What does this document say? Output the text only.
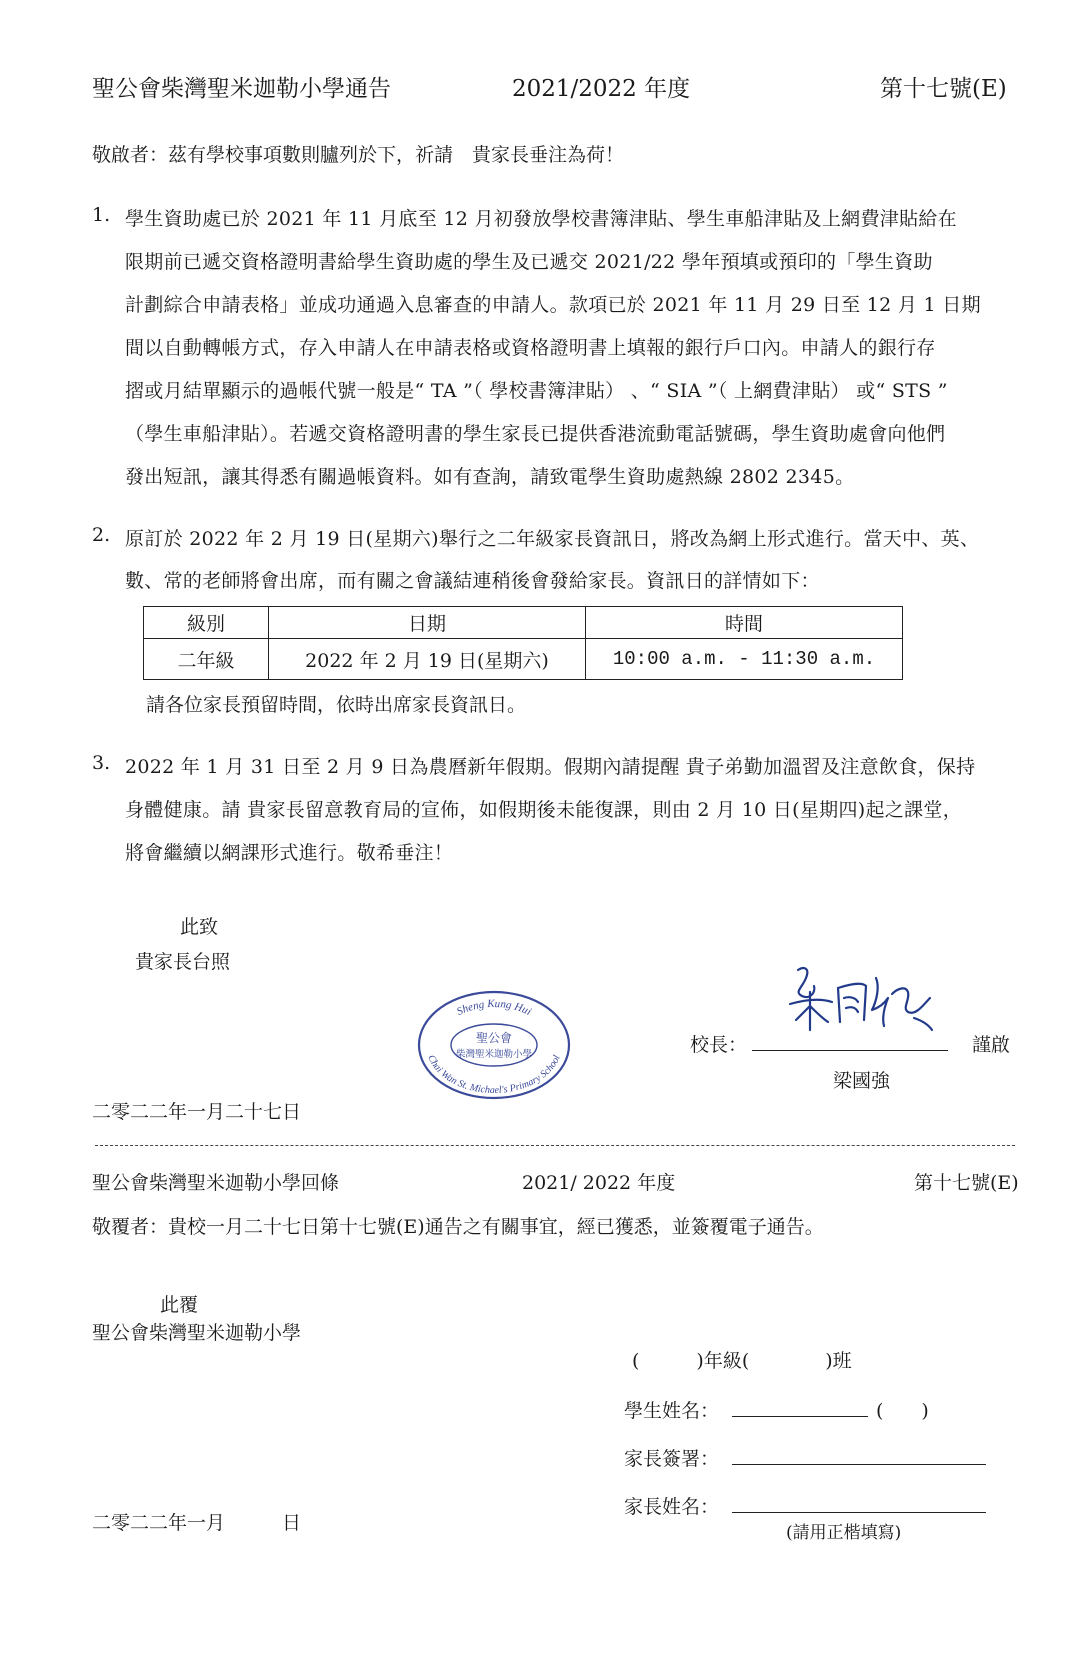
聖公會柴灣聖米迦勒小學通告	2021/2022 年度	第十七號(E)
敬啟者：茲有學校事項數則臚列於下，祈請　貴家長垂注為荷！
1. 學生資助處已於 2021 年 11 月底至 12 月初發放學校書簿津貼、學生車船津貼及上網費津貼給在
限期前已遞交資格證明書給學生資助處的學生及已遞交 2021/22 學年預填或預印的「學生資助
計劃綜合申請表格」並成功通過入息審查的申請人。款項已於 2021 年 11 月 29 日至 12 月 1 日期
間以自動轉帳方式，存入申請人在申請表格或資格證明書上填報的銀行戶口內。申請人的銀行存
摺或月結單顯示的過帳代號一般是“ TA ”（ 學校書簿津貼） 、“ SIA ”（ 上網費津貼） 或“ STS ”
（學生車船津貼）。若遞交資格證明書的學生家長已提供香港流動電話號碼，學生資助處會向他們
發出短訊，讓其得悉有關過帳資料。如有查詢，請致電學生資助處熱線 2802 2345。
2. 原訂於 2022 年 2 月 19 日(星期六)舉行之二年級家長資訊日，將改為網上形式進行。當天中、英、
數、常的老師將會出席，而有關之會議結連稍後會發給家長。資訊日的詳情如下：
級別	日期	時間
二年級	2022 年 2 月 19 日(星期六)	10:00 a.m. - 11:30 a.m.
請各位家長預留時間，依時出席家長資訊日。
3. 2022 年 1 月 31 日至 2 月 9 日為農曆新年假期。假期內請提醒 貴子弟勤加溫習及注意飲食，保持
身體健康。請 貴家長留意教育局的宣佈，如假期後未能復課，則由 2 月 10 日(星期四)起之課堂，
將會繼續以網課形式進行。敬希垂注！
此致
貴家長台照
Sheng Kung Hui
Chai Wan St. Michael's Primary School
聖公會
柴灣聖米迦勒小學	校長：	謹啟
梁國強
二零二二年一月二十七日
聖公會柴灣聖米迦勒小學回條	2021/ 2022 年度	第十七號(E)
敬覆者：貴校一月二十七日第十七號(E)通告之有關事宜，經已獲悉，並簽覆電子通告。
此覆
聖公會柴灣聖米迦勒小學
(　　　)年級(　　　　)班
學生姓名：	(　　)
家長簽署：
家長姓名：
(請用正楷填寫)
二零二二年一月　　　日
